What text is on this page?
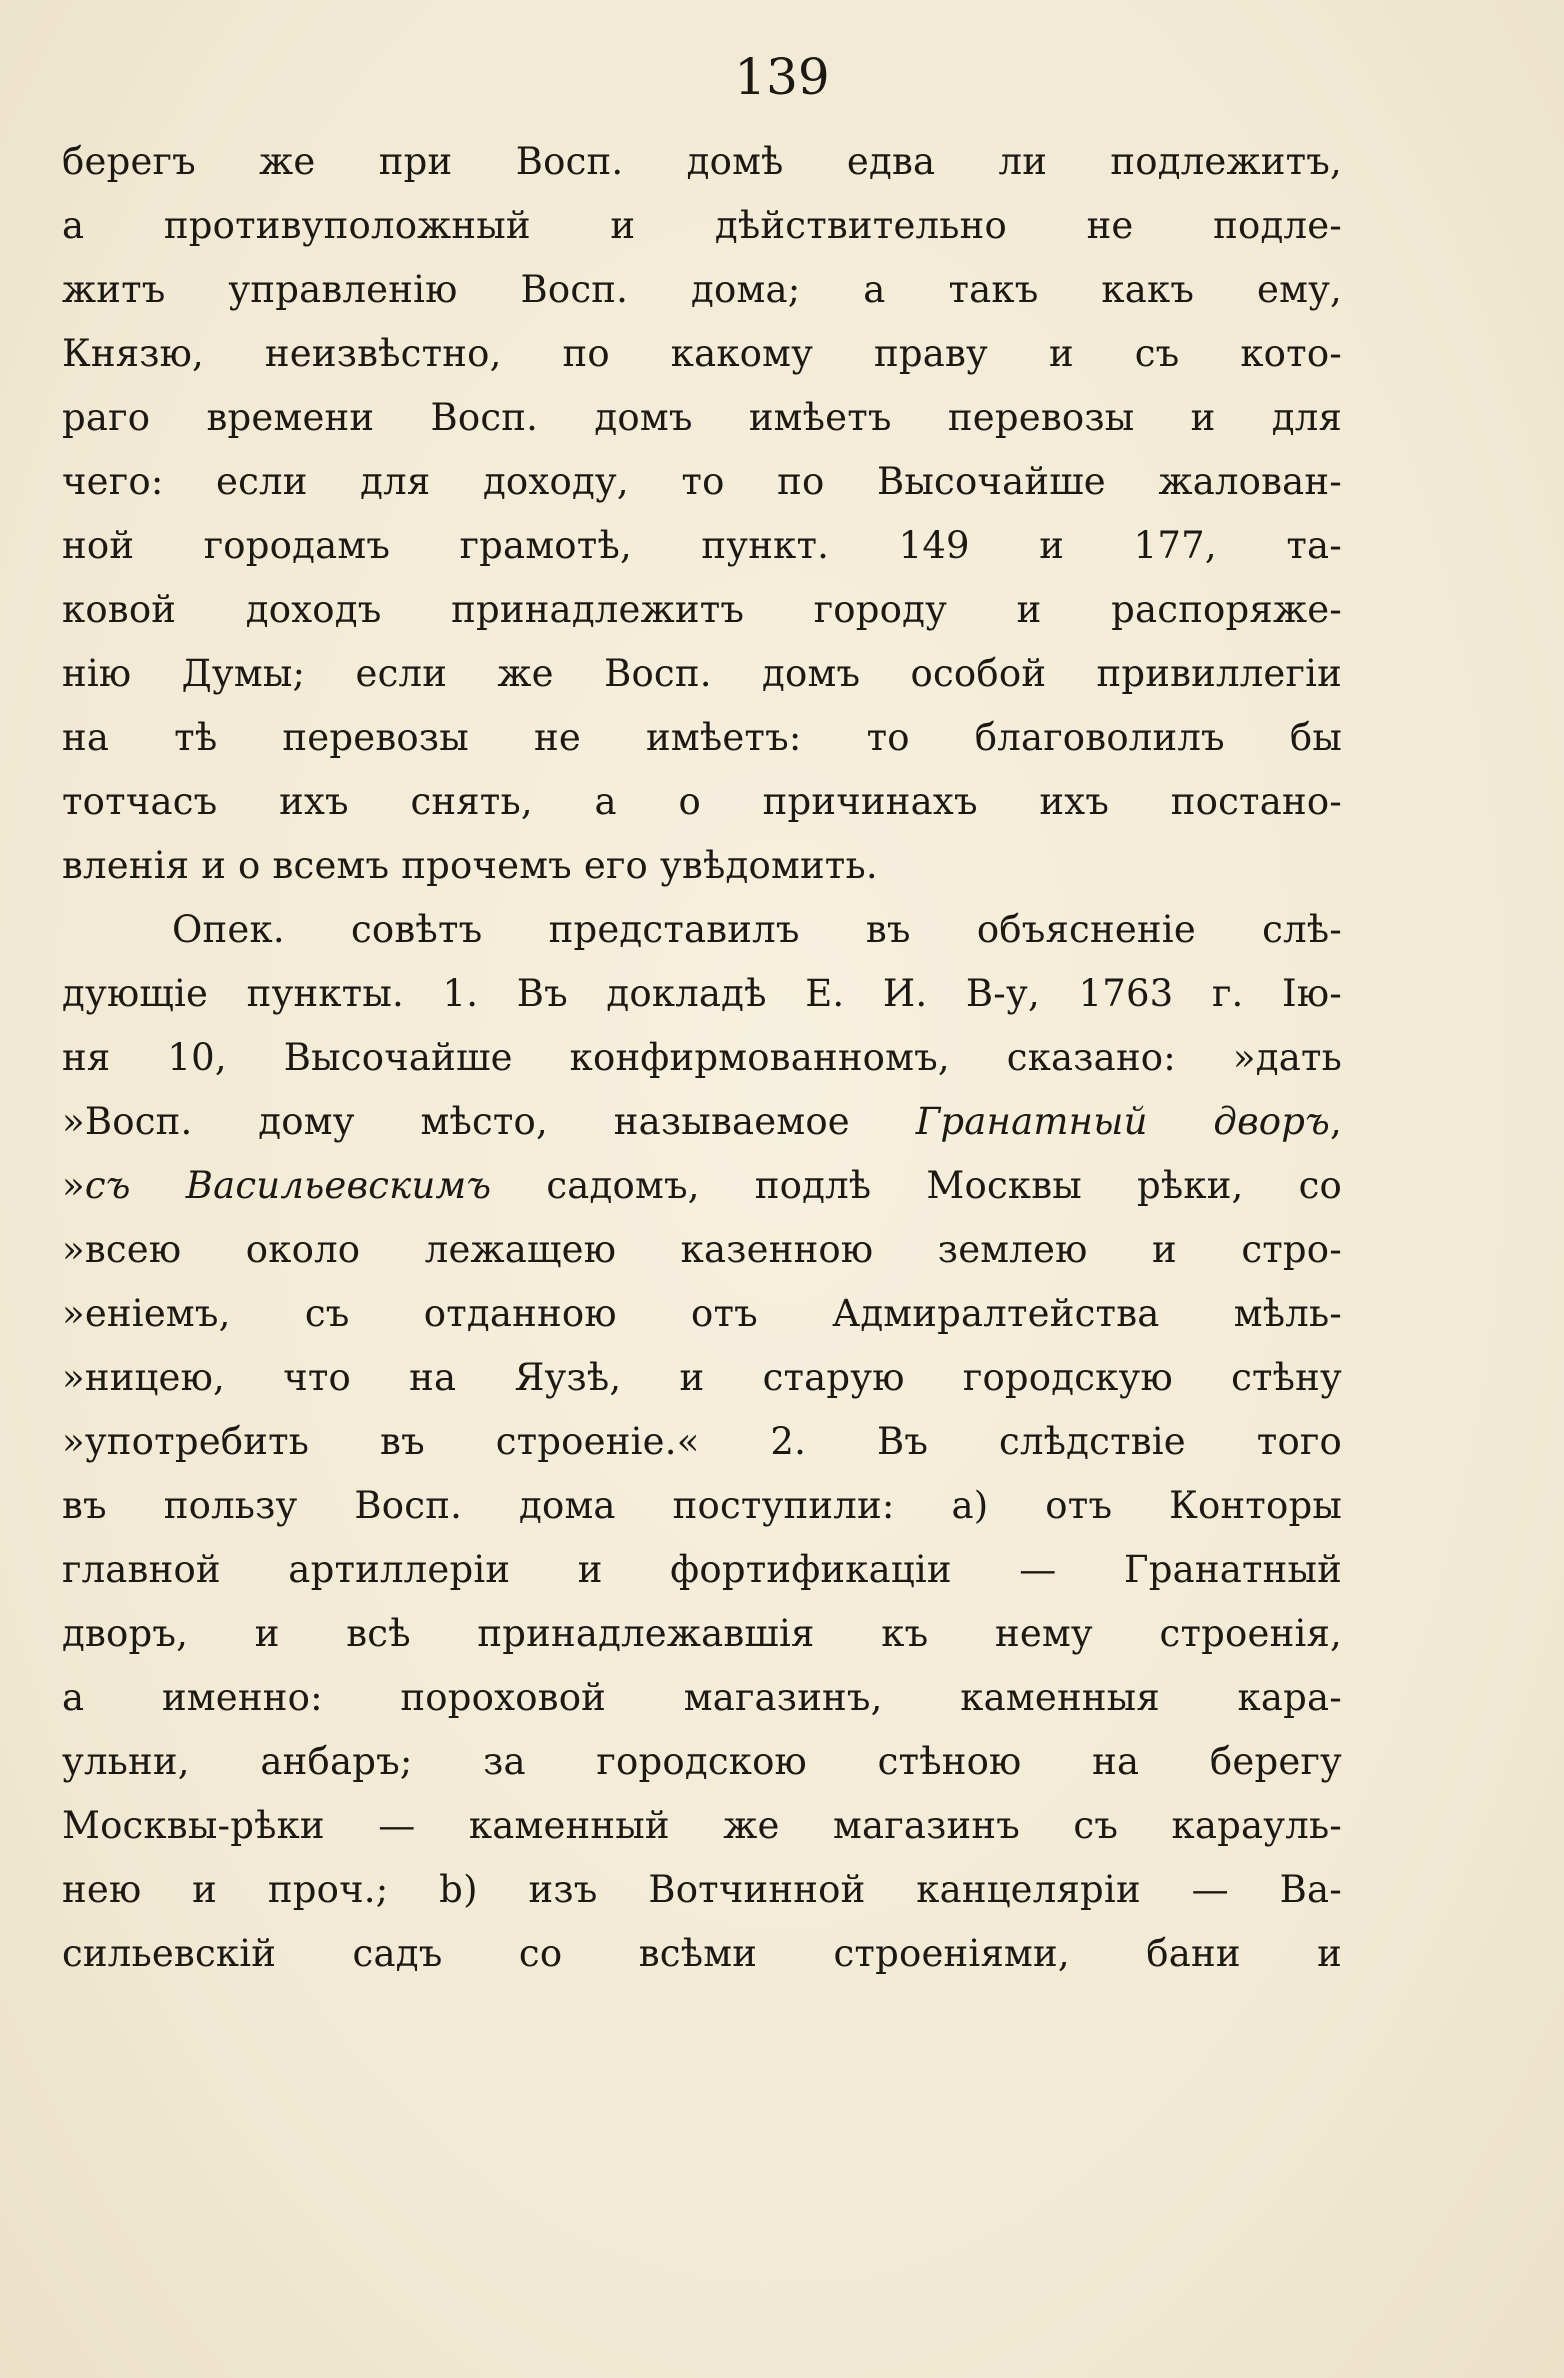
139
берегъ же при Восп. домѣ едва ли подлежитъ,
а противуположный и дѣйствительно не подле-
житъ управленiю Восп. дома; а такъ какъ ему,
Князю, неизвѣстно, по какому праву и съ кото-
раго времени Восп. домъ имѣетъ перевозы и для
чего: если для доходу, то по Высочайше жалован-
ной городамъ грамотѣ, пункт. 149 и 177, та-
ковой доходъ принадлежитъ городу и распоряже-
нiю Думы; если же Восп. домъ особой привиллегiи
на тѣ перевозы не имѣетъ: то благоволилъ бы
тотчасъ ихъ снять, а о причинахъ ихъ постано-
вленiя и о всемъ прочемъ его увѣдомить.
Опек. совѣтъ представилъ въ объясненiе слѣ-
дующiе пункты. 1. Въ докладѣ Е. И. В-у, 1763 г. Iю-
ня 10, Высочайше конфирмованномъ, сказано: »дать
»Восп. дому мѣсто, называемое Гранатный дворъ,
»съ Васильевскимъ садомъ, подлѣ Москвы рѣки, со
»всею около лежащею казенною землею и стро-
»енiемъ, съ отданною отъ Адмиралтейства мѣль-
»ницею, что на Яузѣ, и старую городскую стѣну
»употребить въ строенiе.« 2. Въ слѣдствiе того
въ пользу Восп. дома поступили: а) отъ Конторы
главной артиллерiи и фортификацiи — Гранатный
дворъ, и всѣ принадлежавшiя къ нему строенiя,
а именно: пороховой магазинъ, каменныя кара-
ульни, анбаръ; за городскою стѣною на берегу
Москвы-рѣки — каменный же магазинъ съ карауль-
нею и проч.; b) изъ Вотчинной канцелярiи — Ва-
сильевскiй садъ со всѣми строенiями, бани и
